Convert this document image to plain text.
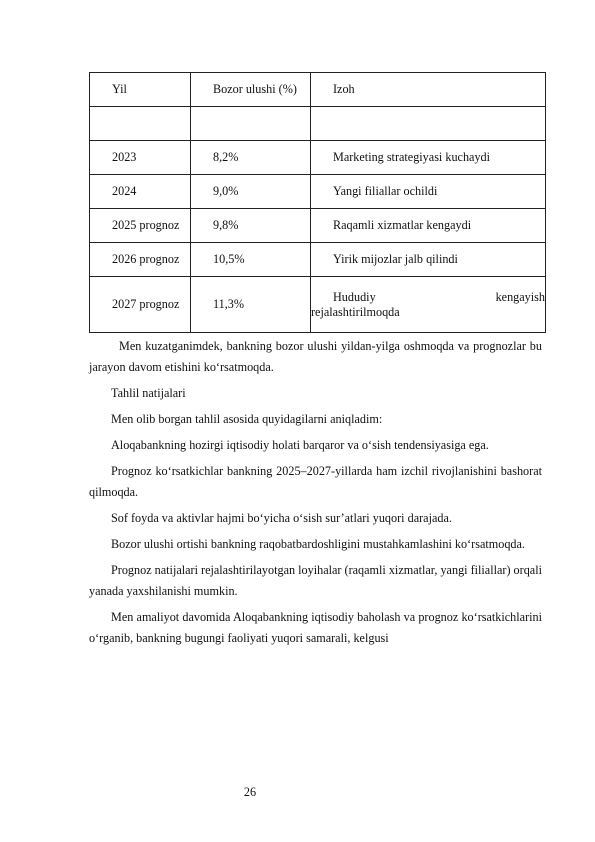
Yil	Bozor ulushi (%)	Izoh

2023	8,2%	Marketing strategiyasi kuchaydi

2024	9,0%	Yangi filiallar ochildi

2025 prognoz	9,8%	Raqamli xizmatlar kengaydi

2026 prognoz	10,5%	Yirik mijozlar jalb qilindi

2027 prognoz	11,3%	Hududiy kengayish
rejalashtirilmoqda

Men kuzatganimdek, bankning bozor ulushi yildan-yilga oshmoqda va prognozlar bu jarayon davom etishini ko‘rsatmoqda.

Tahlil natijalari

Men olib borgan tahlil asosida quyidagilarni aniqladim:

Aloqabankning hozirgi iqtisodiy holati barqaror va o‘sish tendensiyasiga ega.

Prognoz ko‘rsatkichlar bankning 2025–2027-yillarda ham izchil rivojlanishini bashorat qilmoqda.

Sof foyda va aktivlar hajmi bo‘yicha o‘sish sur’atlari yuqori darajada.

Bozor ulushi ortishi bankning raqobatbardoshligini mustahkamlashini ko‘rsatmoqda.

Prognoz natijalari rejalashtirilayotgan loyihalar (raqamli xizmatlar, yangi filiallar) orqali yanada yaxshilanishi mumkin.

Men amaliyot davomida Aloqabankning iqtisodiy baholash va prognoz ko‘rsatkichlarini o‘rganib, bankning bugungi faoliyati yuqori samarali, kelgusi

26
